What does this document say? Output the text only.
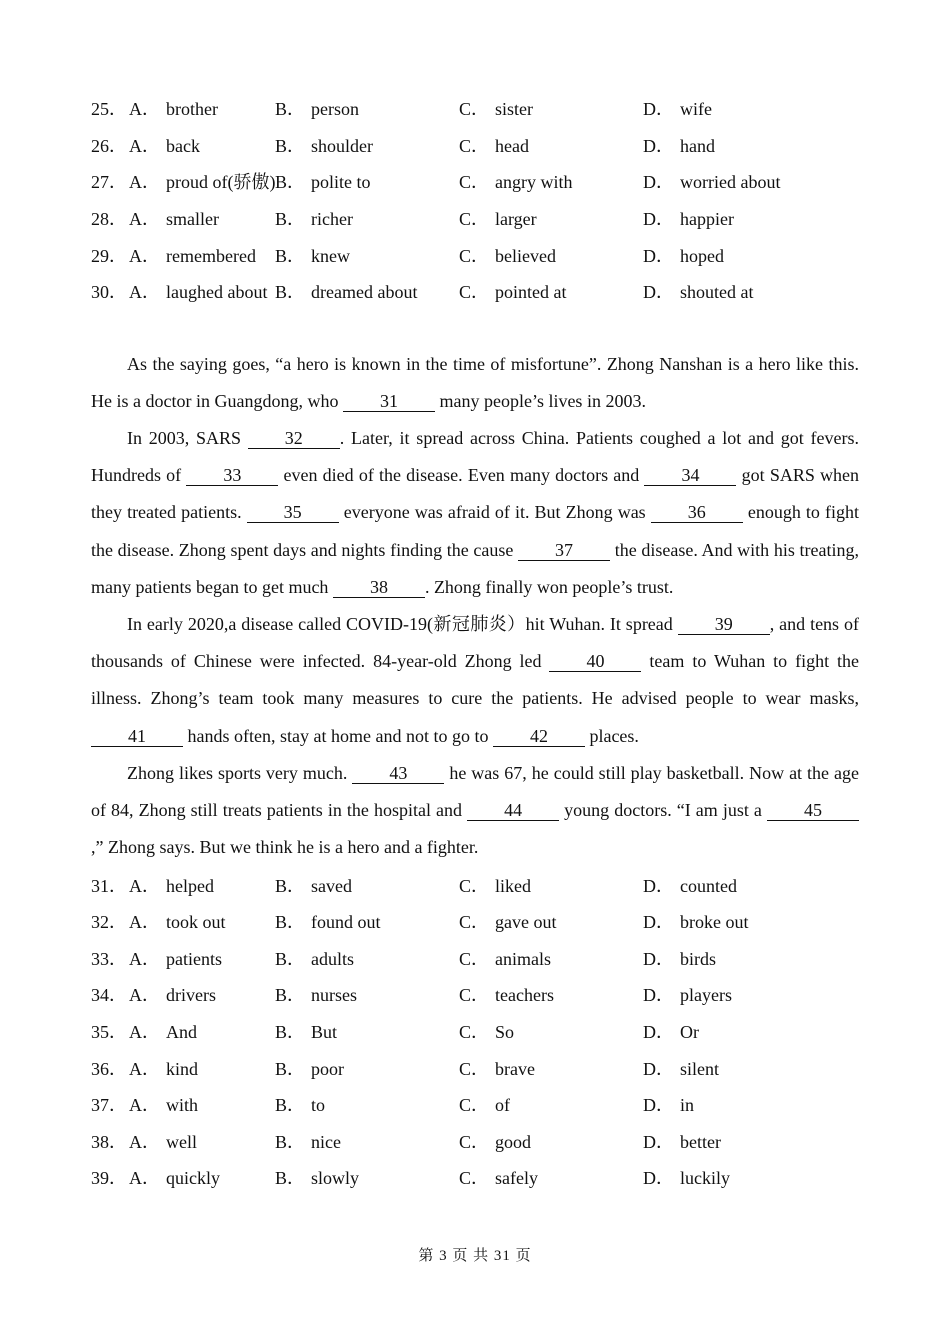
25． A． brother	B． person	C． sister	D． wife
26． A． back	B． shoulder	C． head	D． hand
27． A． proud of(骄傲) B． polite to	C． angry with	D． worried about
28． A． smaller	B． richer	C． larger	D． happier
29． A． remembered	B． knew	C． believed	D． hoped
30． A． laughed about B． dreamed about	C． pointed at	D． shouted at

As the saying goes, “a hero is known in the time of misfortune”. Zhong Nanshan is a hero like this. He is a doctor in Guangdong, who 31 many people’s lives in 2003.

In 2003, SARS 32 . Later, it spread across China. Patients coughed a lot and got fevers. Hundreds of 33 even died of the disease. Even many doctors and 34 got SARS when they treated patients. 35 everyone was afraid of it. But Zhong was 36 enough to fight the disease. Zhong spent days and nights finding the cause 37 the disease. And with his treating, many patients began to get much 38 . Zhong finally won people’s trust.

In early 2020,a disease called COVID-19(新冠肺炎）hit Wuhan. It spread 39 , and tens of thousands of Chinese were infected. 84-year-old Zhong led 40 team to Wuhan to fight the illness. Zhong’s team took many measures to cure the patients. He advised people to wear masks, 41 hands often, stay at home and not to go to 42 places.

Zhong likes sports very much. 43 he was 67, he could still play basketball. Now at the age of 84, Zhong still treats patients in the hospital and 44 young doctors. “I am just a 45,” Zhong says. But we think he is a hero and a fighter.

31． A． helped	B． saved	C． liked	D． counted
32． A． took out	B． found out	C． gave out	D． broke out
33． A． patients	B． adults	C． animals	D． birds
34． A． drivers	B． nurses	C． teachers	D． players
35． A． And	B． But	C． So	D． Or
36． A． kind	B． poor	C． brave	D． silent
37． A． with	B． to	C． of	D． in
38． A． well	B． nice	C． good	D． better
39． A． quickly	B． slowly	C． safely	D． luckily
第 3 页 共 31 页
